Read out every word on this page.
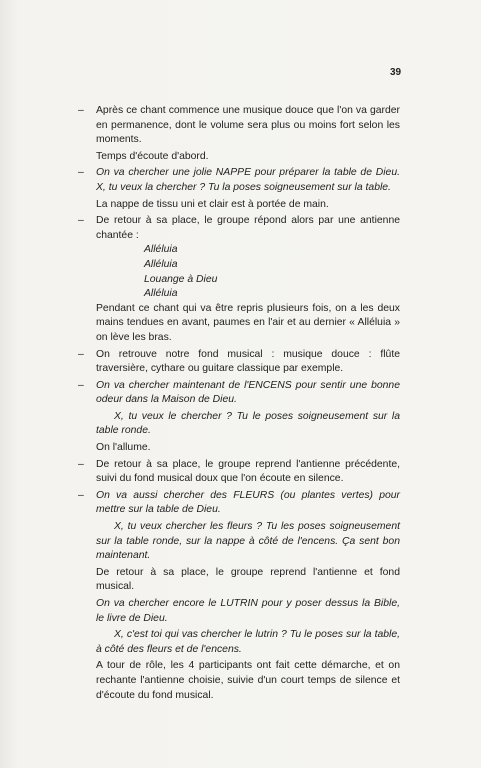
39

– Après ce chant commence une musique douce que l'on va garder en permanence, dont le volume sera plus ou moins fort selon les moments.

Temps d'écoute d'abord.

– On va chercher une jolie NAPPE pour préparer la table de Dieu. X, tu veux la chercher ? Tu la poses soigneusement sur la table.

La nappe de tissu uni et clair est à portée de main.

– De retour à sa place, le groupe répond alors par une antienne chantée :

Alléluia
Alléluia
Louange à Dieu
Alléluia

Pendant ce chant qui va être repris plusieurs fois, on a les deux mains tendues en avant, paumes en l'air et au dernier « Alléluia » on lève les bras.

– On retrouve notre fond musical : musique douce : flûte traversière, cythare ou guitare classique par exemple.

– On va chercher maintenant de l'ENCENS pour sentir une bonne odeur dans la Maison de Dieu.

X, tu veux le chercher ? Tu le poses soigneusement sur la table ronde.

On l'allume.

– De retour à sa place, le groupe reprend l'antienne précédente, suivi du fond musical doux que l'on écoute en silence.

– On va aussi chercher des FLEURS (ou plantes vertes) pour mettre sur la table de Dieu.

X, tu veux chercher les fleurs ? Tu les poses soigneusement sur la table ronde, sur la nappe à côté de l'encens. Ça sent bon maintenant.

De retour à sa place, le groupe reprend l'antienne et fond musical.

On va chercher encore le LUTRIN pour y poser dessus la Bible, le livre de Dieu.

X, c'est toi qui vas chercher le lutrin ? Tu le poses sur la table, à côté des fleurs et de l'encens.

A tour de rôle, les 4 participants ont fait cette démarche, et on rechante l'antienne choisie, suivie d'un court temps de silence et d'écoute du fond musical.
